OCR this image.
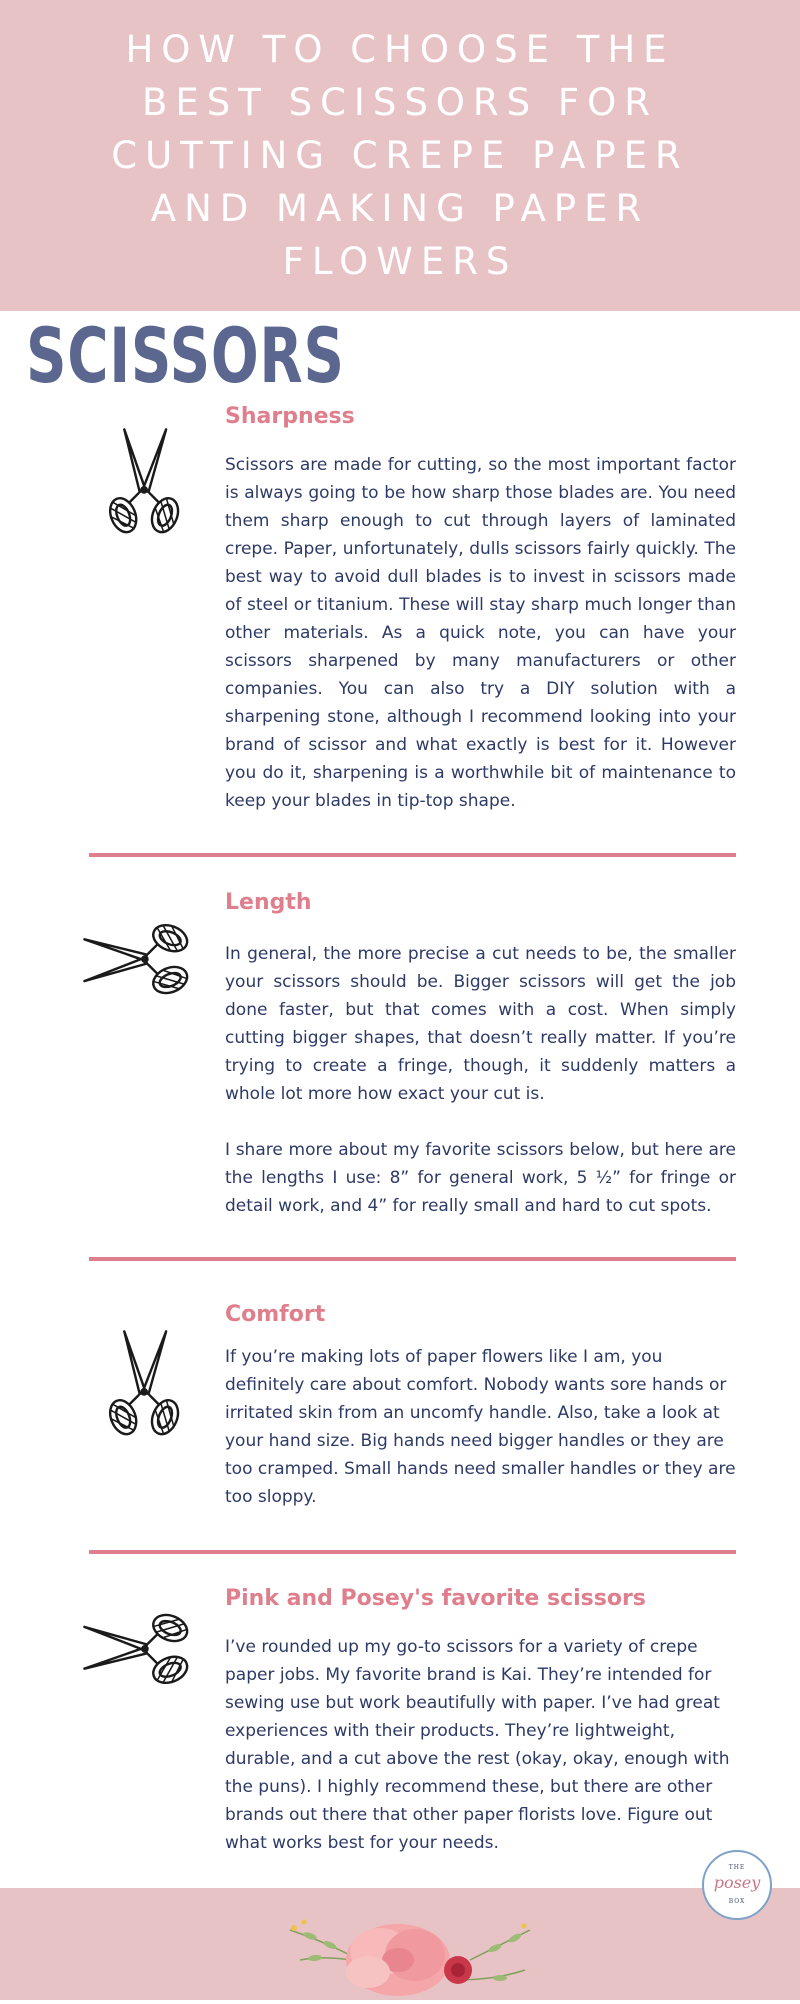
HOW TO CHOOSE THE BEST SCISSORS FOR CUTTING CREPE PAPER AND MAKING PAPER FLOWERS
SCISSORS
Sharpness

Scissors are made for cutting, so the most important factor is always going to be how sharp those blades are. You need them sharp enough to cut through layers of laminated crepe. Paper, unfortunately, dulls scissors fairly quickly. The best way to avoid dull blades is to invest in scissors made of steel or titanium. These will stay sharp much longer than other materials. As a quick note, you can have your scissors sharpened by many manufacturers or other companies. You can also try a DIY solution with a sharpening stone, although I recommend looking into your brand of scissor and what exactly is best for it. However you do it, sharpening is a worthwhile bit of maintenance to keep your blades in tip-top shape.

Length

In general, the more precise a cut needs to be, the smaller your scissors should be. Bigger scissors will get the job done faster, but that comes with a cost. When simply cutting bigger shapes, that doesn’t really matter. If you’re trying to create a fringe, though, it suddenly matters a whole lot more how exact your cut is.

I share more about my favorite scissors below, but here are the lengths I use: 8” for general work, 5 ½” for fringe or detail work, and 4” for really small and hard to cut spots.

Comfort

If you’re making lots of paper flowers like I am, you definitely care about comfort. Nobody wants sore hands or irritated skin from an uncomfy handle. Also, take a look at your hand size. Big hands need bigger handles or they are too cramped. Small hands need smaller handles or they are too sloppy.

Pink and Posey's favorite scissors

I’ve rounded up my go-to scissors for a variety of crepe paper jobs. My favorite brand is Kai. They’re intended for sewing use but work beautifully with paper. I’ve had great experiences with their products. They’re lightweight, durable, and a cut above the rest (okay, okay, enough with the puns). I highly recommend these, but there are other brands out there that other paper florists love. Figure out what works best for your needs.

THE
posey
BOX
